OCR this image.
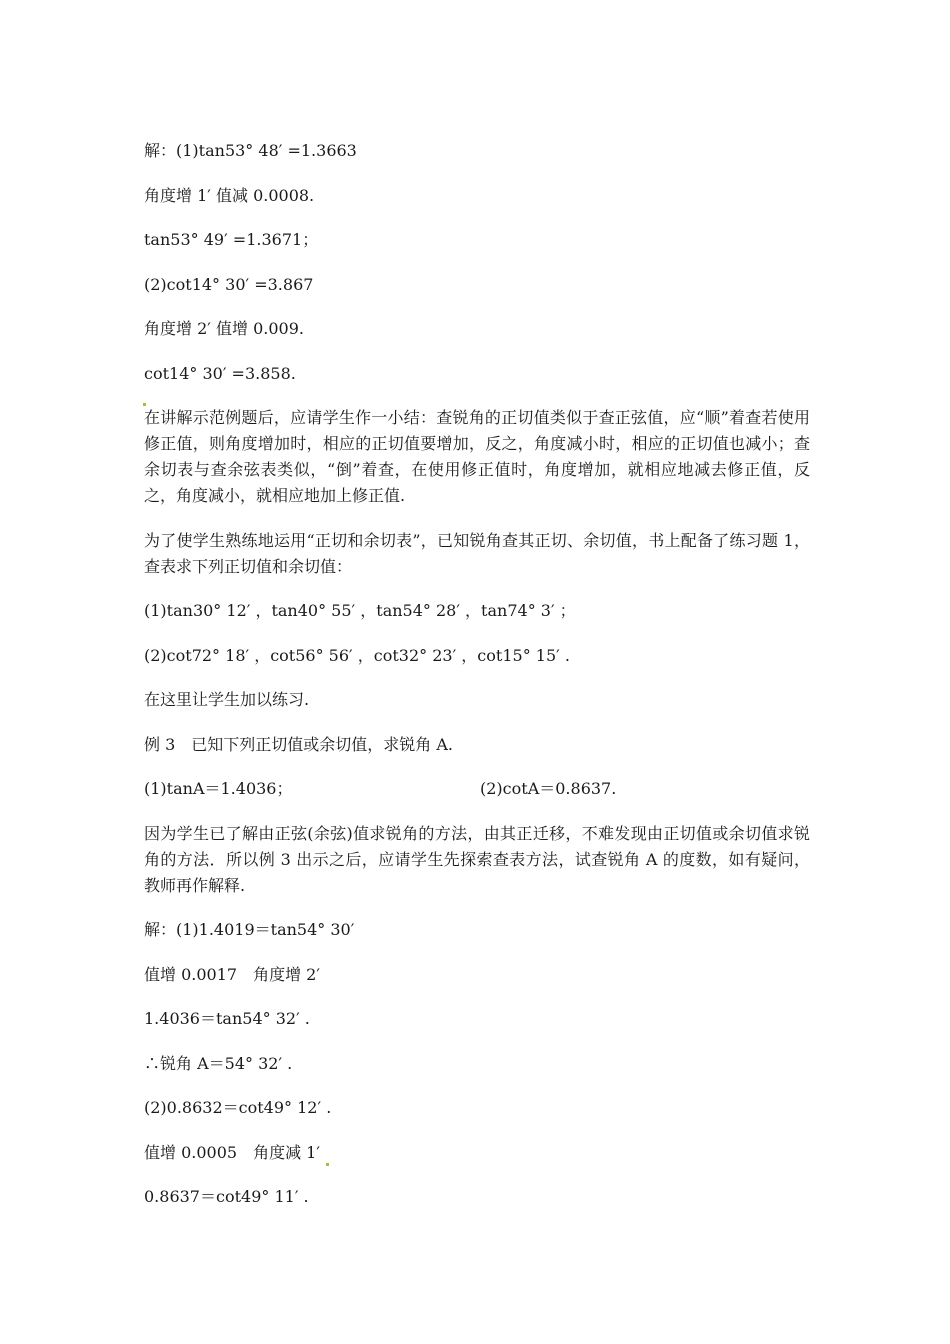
解：(1)tan53° 48′ =1.3663
角度增 1′ 值减 0.0008.
tan53° 49′ =1.3671；
(2)cot14° 30′ =3.867
角度增 2′ 值增 0.009.
cot14° 30′ =3.858.

在讲解示范例题后，应请学生作一小结：查锐角的正切值类似于查正弦值，应“顺”着查若使用修正值，则角度增加时，相应的正切值要增加，反之，角度减小时，相应的正切值也减小；查余切表与查余弦表类似，“倒”着查，在使用修正值时，角度增加，就相应地减去修正值，反之，角度减小，就相应地加上修正值.

为了使学生熟练地运用“正切和余切表”，已知锐角查其正切、余切值，书上配备了练习题 1，查表求下列正切值和余切值：

(1)tan30° 12′ ，tan40° 55′ ，tan54° 28′ ，tan74° 3′ ；
(2)cot72° 18′ ，cot56° 56′ ，cot32° 23′ ，cot15° 15′ .
在这里让学生加以练习.
例 3　已知下列正切值或余切值，求锐角 A.
(1)tanA＝1.4036；	(2)cotA＝0.8637.

因为学生已了解由正弦(余弦)值求锐角的方法，由其正迁移，不难发现由正切值或余切值求锐角的方法．所以例 3 出示之后，应请学生先探索查表方法，试查锐角 A 的度数，如有疑问，教师再作解释.

解：(1)1.4019＝tan54° 30′
值增 0.0017　角度增 2′
1.4036＝tan54° 32′ .
∴锐角 A＝54° 32′ .
(2)0.8632＝cot49° 12′ .
值增 0.0005　角度减 1′
0.8637＝cot49° 11′ .
